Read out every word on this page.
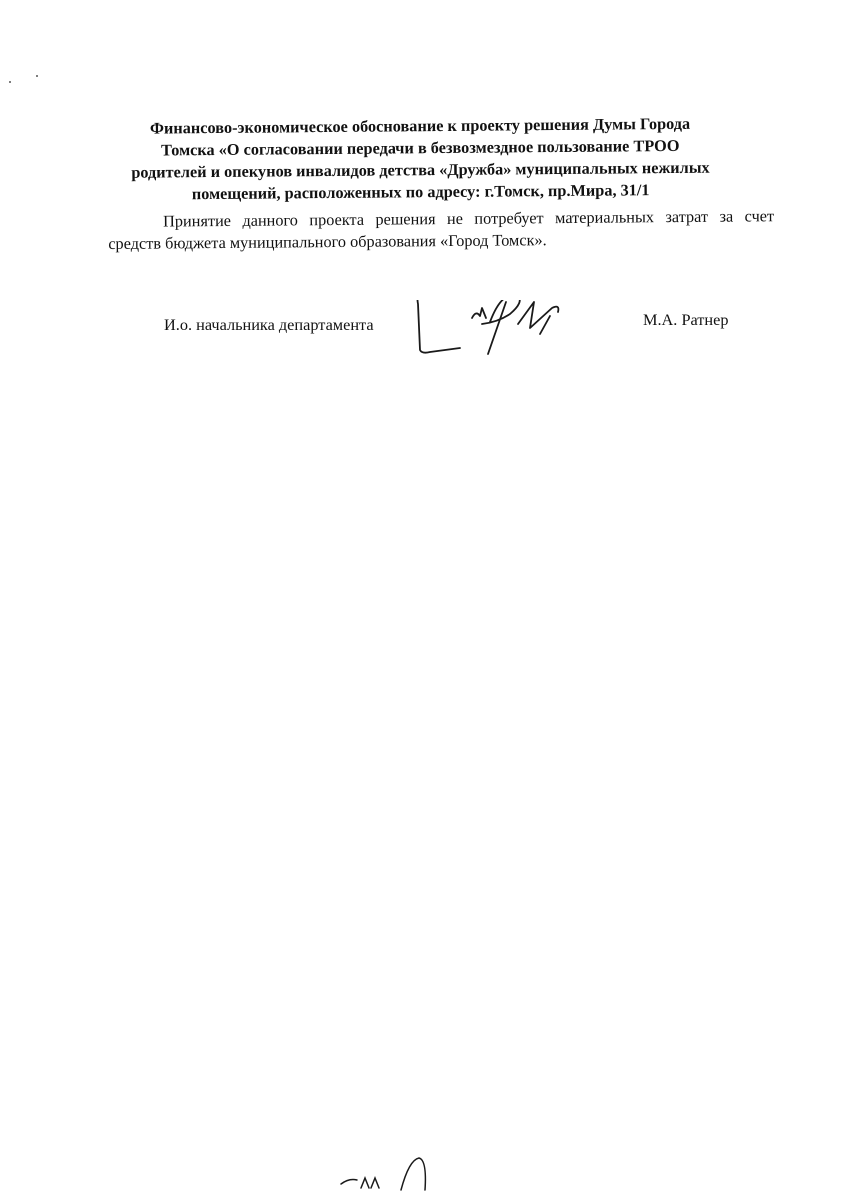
Финансово-экономическое обоснование к проекту решения Думы Города
Томска «О согласовании передачи в безвозмездное пользование ТРОО
родителей и опекунов инвалидов детства «Дружба» муниципальных нежилых
помещений, расположенных по адресу: г.Томск, пр.Мира, 31/1
Принятие данного проекта решения не потребует материальных затрат за счет
средств бюджета муниципального образования «Город Томск».
И.о. начальника департамента	М.А. Ратнер
